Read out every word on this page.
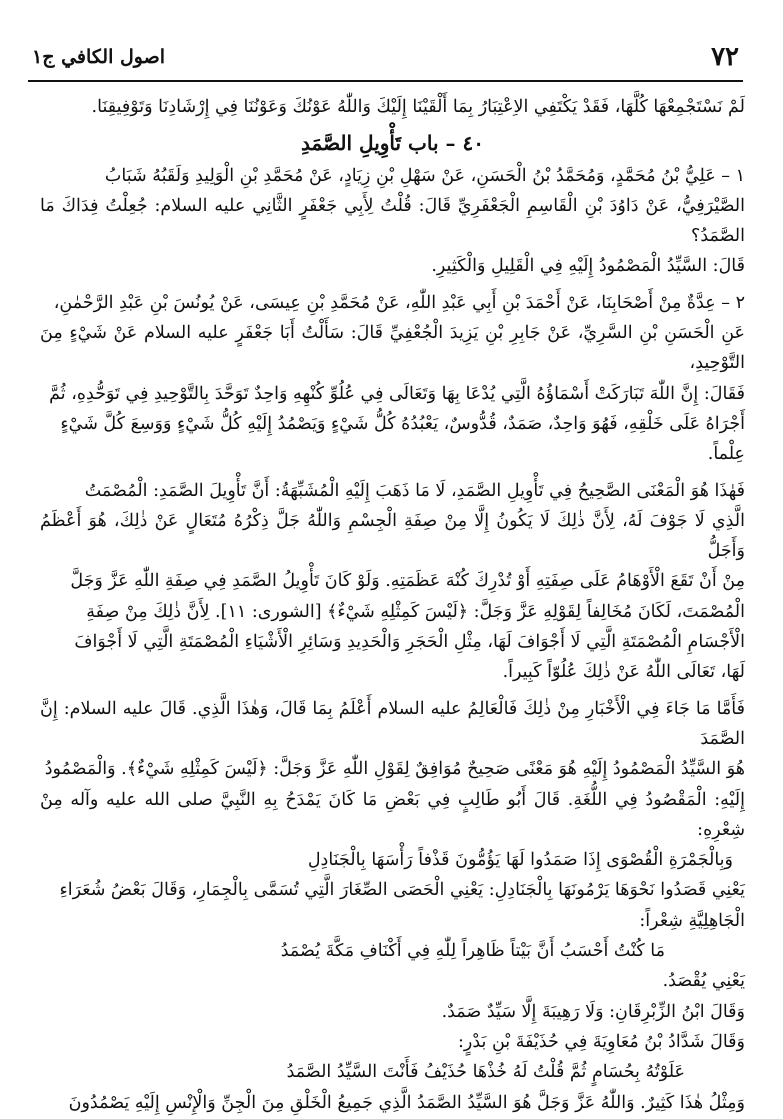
٧٢
اصول الكافي ج١

لَمْ نَسْتَجْمِعْهَا كُلَّهَا، فَقَدْ يَكْتَفِي الاِعْتِبَارُ بِمَا أَلْقَيْنَا إِلَيْكَ وَاللّٰهُ عَوْنُكَ وَعَوْنُنَا فِي إِرْشَادِنَا وَتَوْفِيقِنَا.

٤٠ – باب تَأْوِيلِ الصَّمَدِ

١ – عَلِيُّ بْنُ مُحَمَّدٍ، وَمُحَمَّدُ بْنُ الْحَسَنِ، عَنْ سَهْلِ بْنِ زِيَادٍ، عَنْ مُحَمَّدِ بْنِ الْوَلِيدِ وَلَقَبُهُ شَبَابُ

الصَّيْرَفِيُّ، عَنْ دَاوُدَ بْنِ الْقَاسِمِ الْجَعْفَرِيِّ قَالَ: قُلْتُ لِأَبِي جَعْفَرٍ الثَّانِي عليه السلام: جُعِلْتُ فِدَاكَ مَا الصَّمَدُ؟

قَالَ: السَّيِّدُ الْمَصْمُودُ إِلَيْهِ فِي الْقَلِيلِ وَالْكَثِيرِ.

٢ – عِدَّةٌ مِنْ أَصْحَابِنَا، عَنْ أَحْمَدَ بْنِ أَبِي عَبْدِ اللّٰهِ، عَنْ مُحَمَّدِ بْنِ عِيسَى، عَنْ يُونُسَ بْنِ عَبْدِ الرَّحْمٰنِ،

عَنِ الْحَسَنِ بْنِ السَّرِيِّ، عَنْ جَابِرِ بْنِ يَزِيدَ الْجُعْفِيِّ قَالَ: سَأَلْتُ أَبَا جَعْفَرٍ عليه السلام عَنْ شَيْءٍ مِنَ التَّوْحِيدِ،

فَقَالَ: إِنَّ اللّٰهَ تَبَارَكَتْ أَسْمَاؤُهُ الَّتِي يُدْعَا بِهَا وَتَعَالَى فِي عُلُوِّ كُنْهِهِ وَاحِدٌ تَوَحَّدَ بِالتَّوْحِيدِ فِي تَوَحُّدِهِ، ثُمَّ

أَجْرَاهُ عَلَى خَلْقِهِ، فَهُوَ وَاحِدٌ، صَمَدٌ، قُدُّوسٌ، يَعْبُدُهُ كُلُّ شَيْءٍ وَيَصْمُدُ إِلَيْهِ كُلُّ شَيْءٍ وَوَسِعَ كُلَّ شَيْءٍ

عِلْماً.

فَهٰذَا هُوَ الْمَعْنَى الصَّحِيحُ فِي تَأْوِيلِ الصَّمَدِ، لَا مَا ذَهَبَ إِلَيْهِ الْمُشَبِّهَةُ: أَنَّ تَأْوِيلَ الصَّمَدِ: الْمُصْمَتُ

الَّذِي لَا جَوْفَ لَهُ، لِأَنَّ ذٰلِكَ لَا يَكُونُ إِلَّا مِنْ صِفَةِ الْجِسْمِ وَاللّٰهُ جَلَّ ذِكْرُهُ مُتَعَالٍ عَنْ ذٰلِكَ، هُوَ أَعْظَمُ وَأَجَلُّ

مِنْ أَنْ تَقَعَ الْأَوْهَامُ عَلَى صِفَتِهِ أَوْ تُدْرِكَ كُنْهَ عَظَمَتِهِ. وَلَوْ كَانَ تَأْوِيلُ الصَّمَدِ فِي صِفَةِ اللّٰهِ عَزَّ وَجَلَّ

الْمُصْمَتَ، لَكَانَ مُخَالِفاً لِقَوْلِهِ عَزَّ وَجَلَّ: ﴿لَيْسَ كَمِثْلِهِ شَيْءٌ﴾ [الشورى: ١١]. لِأَنَّ ذٰلِكَ مِنْ صِفَةِ

الْأَجْسَامِ الْمُصْمَتَةِ الَّتِي لَا أَجْوَافَ لَهَا، مِثْلِ الْحَجَرِ وَالْحَدِيدِ وَسَائِرِ الْأَشْيَاءِ الْمُصْمَتَةِ الَّتِي لَا أَجْوَافَ

لَهَا، تَعَالَى اللّٰهُ عَنْ ذٰلِكَ عُلُوّاً كَبِيراً.

فَأَمَّا مَا جَاءَ فِي الْأَخْبَارِ مِنْ ذٰلِكَ فَالْعَالِمُ عليه السلام أَعْلَمُ بِمَا قَالَ، وَهٰذَا الَّذِي. قَالَ عليه السلام: إِنَّ الصَّمَدَ

هُوَ السَّيِّدُ الْمَصْمُودُ إِلَيْهِ هُوَ مَعْنًى صَحِيحٌ مُوَافِقٌ لِقَوْلِ اللّٰهِ عَزَّ وَجَلَّ: ﴿لَيْسَ كَمِثْلِهِ شَيْءٌ﴾. وَالْمَصْمُودُ

إِلَيْهِ: الْمَقْصُودُ فِي اللُّغَةِ. قَالَ أَبُو طَالِبٍ فِي بَعْضِ مَا كَانَ يَمْدَحُ بِهِ النَّبِيَّ صلى الله عليه وآله مِنْ شِعْرِهِ:

وَبِالْجَمْرَةِ الْقُصْوَى إِذَا صَمَدُوا لَهَا يَؤُمُّونَ قَذْفاً رَأْسَهَا بِالْجَنَادِلِ

يَعْنِي قَصَدُوا نَحْوَهَا يَرْمُونَهَا بِالْجَنَادِلِ: يَعْنِي الْحَصَى الصِّغَارَ الَّتِي تُسَمَّى بِالْجِمَارِ، وَقَالَ بَعْضُ شُعَرَاءِ

الْجَاهِلِيَّةِ شِعْراً:

مَا كُنْتُ أَحْسَبُ أَنَّ بَيْتاً ظَاهِراً لِلّٰهِ فِي أَكْنَافِ مَكَّةَ يُصْمَدُ

يَعْنِي يُقْصَدُ.

وَقَالَ ابْنُ الزِّبْرِقَانِ: وَلَا رَهِيبَةَ إِلَّا سَيِّدٌ صَمَدٌ.

وَقَالَ شَدَّادُ بْنُ مُعَاوِيَةَ فِي حُذَيْفَةَ بْنِ بَدْرٍ:

عَلَوْتُهُ بِحُسَامٍ ثُمَّ قُلْتُ لَهُ خُذْهَا حُذَيْفُ فَأَنْتَ السَّيِّدُ الصَّمَدُ

وَمِثْلُ هٰذَا كَثِيرٌ. وَاللّٰهُ عَزَّ وَجَلَّ هُوَ السَّيِّدُ الصَّمَدُ الَّذِي جَمِيعُ الْخَلْقِ مِنَ الْجِنِّ وَالْإِنْسِ إِلَيْهِ يَصْمُدُونَ
